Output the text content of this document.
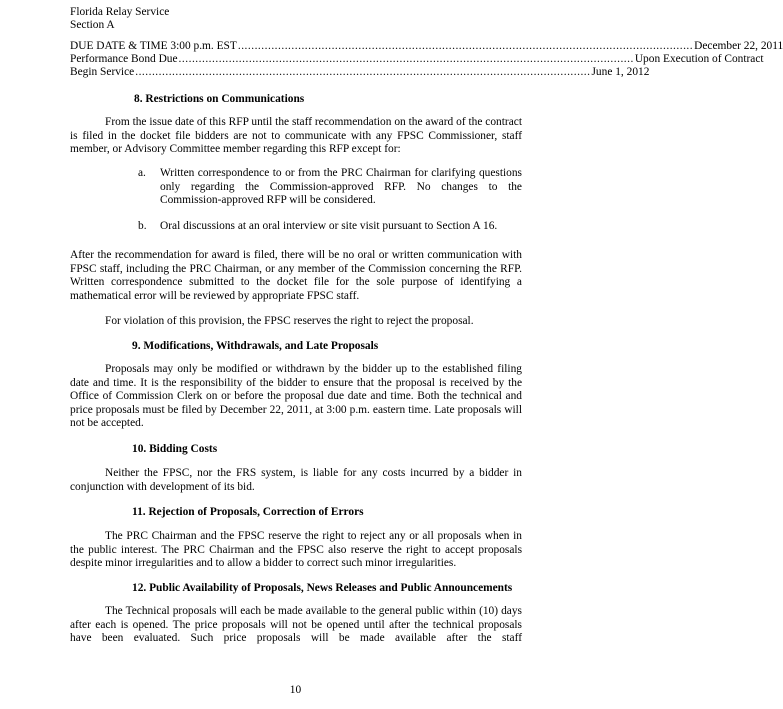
Florida Relay Service
Section A
DUE DATE & TIME 3:00 p.m. EST ........................................................................................................................................ December 22, 2011
Performance Bond Due ........................................................................................................................................ Upon Execution of Contract
Begin Service ........................................................................................................................................ June 1, 2012
8. Restrictions on Communications
From the issue date of this RFP until the staff recommendation on the award of the contract is filed in the docket file bidders are not to communicate with any FPSC Commissioner, staff member, or Advisory Committee member regarding this RFP except for:
a. Written correspondence to or from the PRC Chairman for clarifying questions only regarding the Commission-approved RFP. No changes to the Commission-approved RFP will be considered.
b. Oral discussions at an oral interview or site visit pursuant to Section A 16.
After the recommendation for award is filed, there will be no oral or written communication with FPSC staff, including the PRC Chairman, or any member of the Commission concerning the RFP. Written correspondence submitted to the docket file for the sole purpose of identifying a mathematical error will be reviewed by appropriate FPSC staff.
For violation of this provision, the FPSC reserves the right to reject the proposal.
9. Modifications, Withdrawals, and Late Proposals
Proposals may only be modified or withdrawn by the bidder up to the established filing date and time. It is the responsibility of the bidder to ensure that the proposal is received by the Office of Commission Clerk on or before the proposal due date and time. Both the technical and price proposals must be filed by December 22, 2011, at 3:00 p.m. eastern time. Late proposals will not be accepted.
10. Bidding Costs
Neither the FPSC, nor the FRS system, is liable for any costs incurred by a bidder in conjunction with development of its bid.
11. Rejection of Proposals, Correction of Errors
The PRC Chairman and the FPSC reserve the right to reject any or all proposals when in the public interest. The PRC Chairman and the FPSC also reserve the right to accept proposals despite minor irregularities and to allow a bidder to correct such minor irregularities.
12. Public Availability of Proposals, News Releases and Public Announcements
The Technical proposals will each be made available to the general public within (10) days after each is opened. The price proposals will not be opened until after the technical proposals have been evaluated. Such price proposals will be made available after the staff
10
